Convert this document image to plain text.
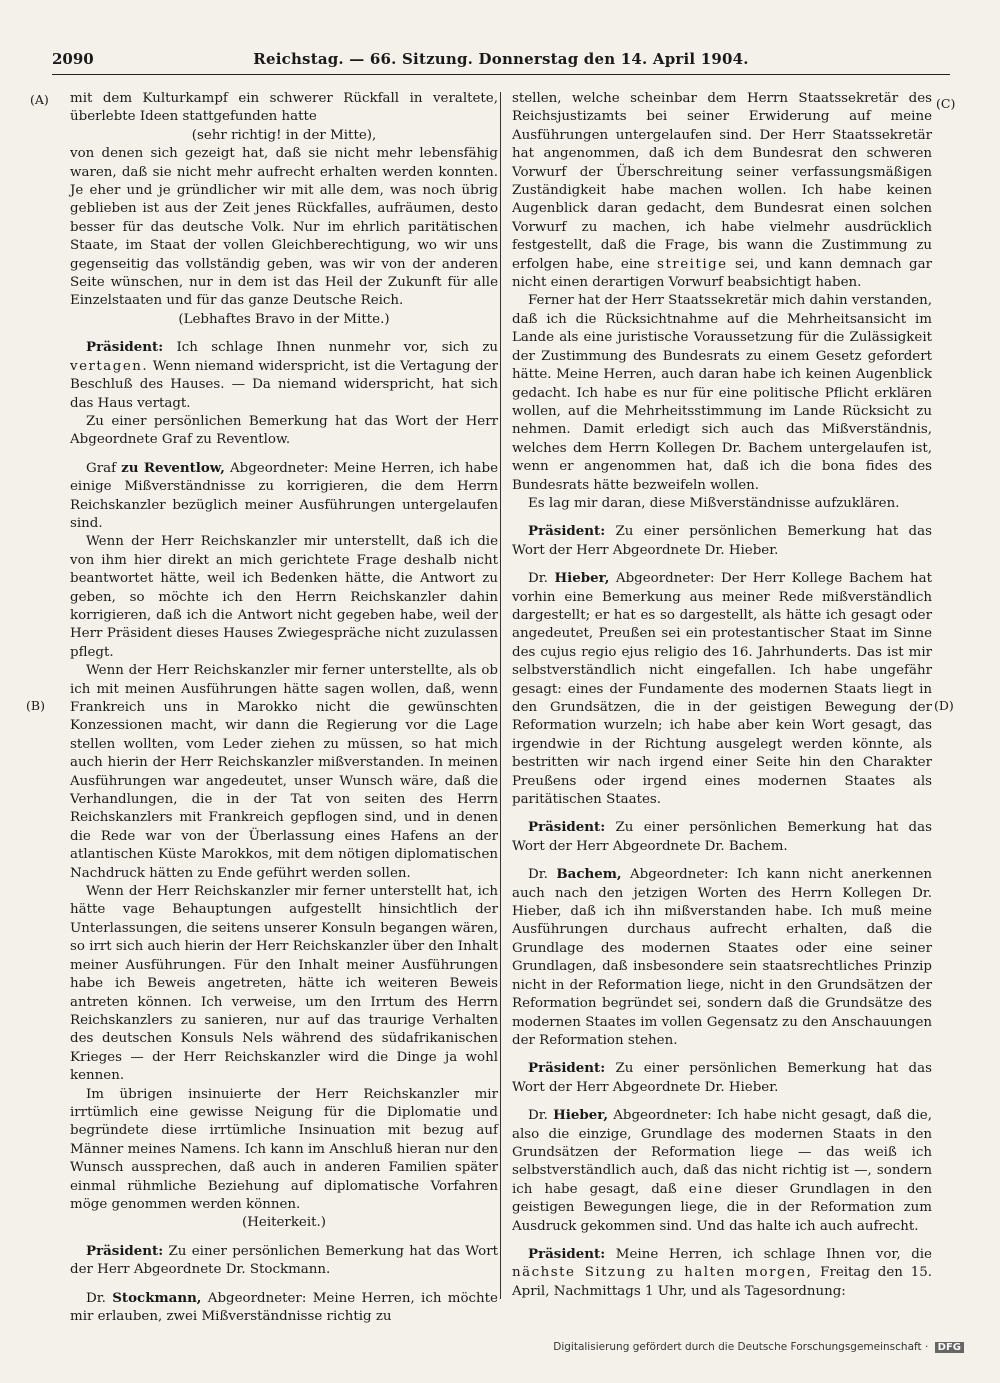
2090	Reichstag. — 66. Sitzung. Donnerstag den 14. April 1904.
(A)
(B)
(C)
(D)

mit dem Kulturkampf ein schwerer Rückfall in veraltete, überlebte Ideen stattgefunden hatte

(sehr richtig! in der Mitte),

von denen sich gezeigt hat, daß sie nicht mehr lebensfähig waren, daß sie nicht mehr aufrecht erhalten werden konnten. Je eher und je gründlicher wir mit alle dem, was noch übrig geblieben ist aus der Zeit jenes Rückfalles, aufräumen, desto besser für das deutsche Volk. Nur im ehrlich paritätischen Staate, im Staat der vollen Gleichberechtigung, wo wir uns gegenseitig das vollständig geben, was wir von der anderen Seite wünschen, nur in dem ist das Heil der Zukunft für alle Einzelstaaten und für das ganze Deutsche Reich.

(Lebhaftes Bravo in der Mitte.)

Präsident: Ich schlage Ihnen nunmehr vor, sich zu vertagen. Wenn niemand widerspricht, ist die Vertagung der Beschluß des Hauses. — Da niemand widerspricht, hat sich das Haus vertagt.

Zu einer persönlichen Bemerkung hat das Wort der Herr Abgeordnete Graf zu Reventlow.

Graf zu Reventlow, Abgeordneter: Meine Herren, ich habe einige Mißverständnisse zu korrigieren, die dem Herrn Reichskanzler bezüglich meiner Ausführungen untergelaufen sind.

Wenn der Herr Reichskanzler mir unterstellt, daß ich die von ihm hier direkt an mich gerichtete Frage deshalb nicht beantwortet hätte, weil ich Bedenken hätte, die Antwort zu geben, so möchte ich den Herrn Reichskanzler dahin korrigieren, daß ich die Antwort nicht gegeben habe, weil der Herr Präsident dieses Hauses Zwiegespräche nicht zuzulassen pflegt.

Wenn der Herr Reichskanzler mir ferner unterstellte, als ob ich mit meinen Ausführungen hätte sagen wollen, daß, wenn Frankreich uns in Marokko nicht die gewünschten Konzessionen macht, wir dann die Regierung vor die Lage stellen wollten, vom Leder ziehen zu müssen, so hat mich auch hierin der Herr Reichskanzler mißverstanden. In meinen Ausführungen war angedeutet, unser Wunsch wäre, daß die Verhandlungen, die in der Tat von seiten des Herrn Reichskanzlers mit Frankreich gepflogen sind, und in denen die Rede war von der Überlassung eines Hafens an der atlantischen Küste Marokkos, mit dem nötigen diplomatischen Nachdruck hätten zu Ende geführt werden sollen.

Wenn der Herr Reichskanzler mir ferner unterstellt hat, ich hätte vage Behauptungen aufgestellt hinsichtlich der Unterlassungen, die seitens unserer Konsuln begangen wären, so irrt sich auch hierin der Herr Reichskanzler über den Inhalt meiner Ausführungen. Für den Inhalt meiner Ausführungen habe ich Beweis angetreten, hätte ich weiteren Beweis antreten können. Ich verweise, um den Irrtum des Herrn Reichskanzlers zu sanieren, nur auf das traurige Verhalten des deutschen Konsuls Nels während des südafrikanischen Krieges — der Herr Reichskanzler wird die Dinge ja wohl kennen.

Im übrigen insinuierte der Herr Reichskanzler mir irrtümlich eine gewisse Neigung für die Diplomatie und begründete diese irrtümliche Insinuation mit bezug auf Männer meines Namens. Ich kann im Anschluß hieran nur den Wunsch aussprechen, daß auch in anderen Familien später einmal rühmliche Beziehung auf diplomatische Vorfahren möge genommen werden können.

(Heiterkeit.)

Präsident: Zu einer persönlichen Bemerkung hat das Wort der Herr Abgeordnete Dr. Stockmann.

Dr. Stockmann, Abgeordneter: Meine Herren, ich möchte mir erlauben, zwei Mißverständnisse richtig zu

stellen, welche scheinbar dem Herrn Staatssekretär des Reichsjustizamts bei seiner Erwiderung auf meine Ausführungen untergelaufen sind. Der Herr Staatssekretär hat angenommen, daß ich dem Bundesrat den schweren Vorwurf der Überschreitung seiner verfassungsmäßigen Zuständigkeit habe machen wollen. Ich habe keinen Augenblick daran gedacht, dem Bundesrat einen solchen Vorwurf zu machen, ich habe vielmehr ausdrücklich festgestellt, daß die Frage, bis wann die Zustimmung zu erfolgen habe, eine streitige sei, und kann demnach gar nicht einen derartigen Vorwurf beabsichtigt haben.

Ferner hat der Herr Staatssekretär mich dahin verstanden, daß ich die Rücksichtnahme auf die Mehrheitsansicht im Lande als eine juristische Voraussetzung für die Zulässigkeit der Zustimmung des Bundesrats zu einem Gesetz gefordert hätte. Meine Herren, auch daran habe ich keinen Augenblick gedacht. Ich habe es nur für eine politische Pflicht erklären wollen, auf die Mehrheitsstimmung im Lande Rücksicht zu nehmen. Damit erledigt sich auch das Mißverständnis, welches dem Herrn Kollegen Dr. Bachem untergelaufen ist, wenn er angenommen hat, daß ich die bona fides des Bundesrats hätte bezweifeln wollen.

Es lag mir daran, diese Mißverständnisse aufzuklären.

Präsident: Zu einer persönlichen Bemerkung hat das Wort der Herr Abgeordnete Dr. Hieber.

Dr. Hieber, Abgeordneter: Der Herr Kollege Bachem hat vorhin eine Bemerkung aus meiner Rede mißverständlich dargestellt; er hat es so dargestellt, als hätte ich gesagt oder angedeutet, Preußen sei ein protestantischer Staat im Sinne des cujus regio ejus religio des 16. Jahrhunderts. Das ist mir selbstverständlich nicht eingefallen. Ich habe ungefähr gesagt: eines der Fundamente des modernen Staats liegt in den Grundsätzen, die in der geistigen Bewegung der Reformation wurzeln; ich habe aber kein Wort gesagt, das irgendwie in der Richtung ausgelegt werden könnte, als bestritten wir nach irgend einer Seite hin den Charakter Preußens oder irgend eines modernen Staates als paritätischen Staates.

Präsident: Zu einer persönlichen Bemerkung hat das Wort der Herr Abgeordnete Dr. Bachem.

Dr. Bachem, Abgeordneter: Ich kann nicht anerkennen auch nach den jetzigen Worten des Herrn Kollegen Dr. Hieber, daß ich ihn mißverstanden habe. Ich muß meine Ausführungen durchaus aufrecht erhalten, daß die Grundlage des modernen Staates oder eine seiner Grundlagen, daß insbesondere sein staatsrechtliches Prinzip nicht in der Reformation liege, nicht in den Grundsätzen der Reformation begründet sei, sondern daß die Grundsätze des modernen Staates im vollen Gegensatz zu den Anschauungen der Reformation stehen.

Präsident: Zu einer persönlichen Bemerkung hat das Wort der Herr Abgeordnete Dr. Hieber.

Dr. Hieber, Abgeordneter: Ich habe nicht gesagt, daß die, also die einzige, Grundlage des modernen Staats in den Grundsätzen der Reformation liege — das weiß ich selbstverständlich auch, daß das nicht richtig ist —, sondern ich habe gesagt, daß eine dieser Grundlagen in den geistigen Bewegungen liege, die in der Reformation zum Ausdruck gekommen sind. Und das halte ich auch aufrecht.

Präsident: Meine Herren, ich schlage Ihnen vor, die nächste Sitzung zu halten morgen, Freitag den 15. April, Nachmittags 1 Uhr, und als Tagesordnung:

Digitalisierung gefördert durch die Deutsche Forschungsgemeinschaft · DFG
